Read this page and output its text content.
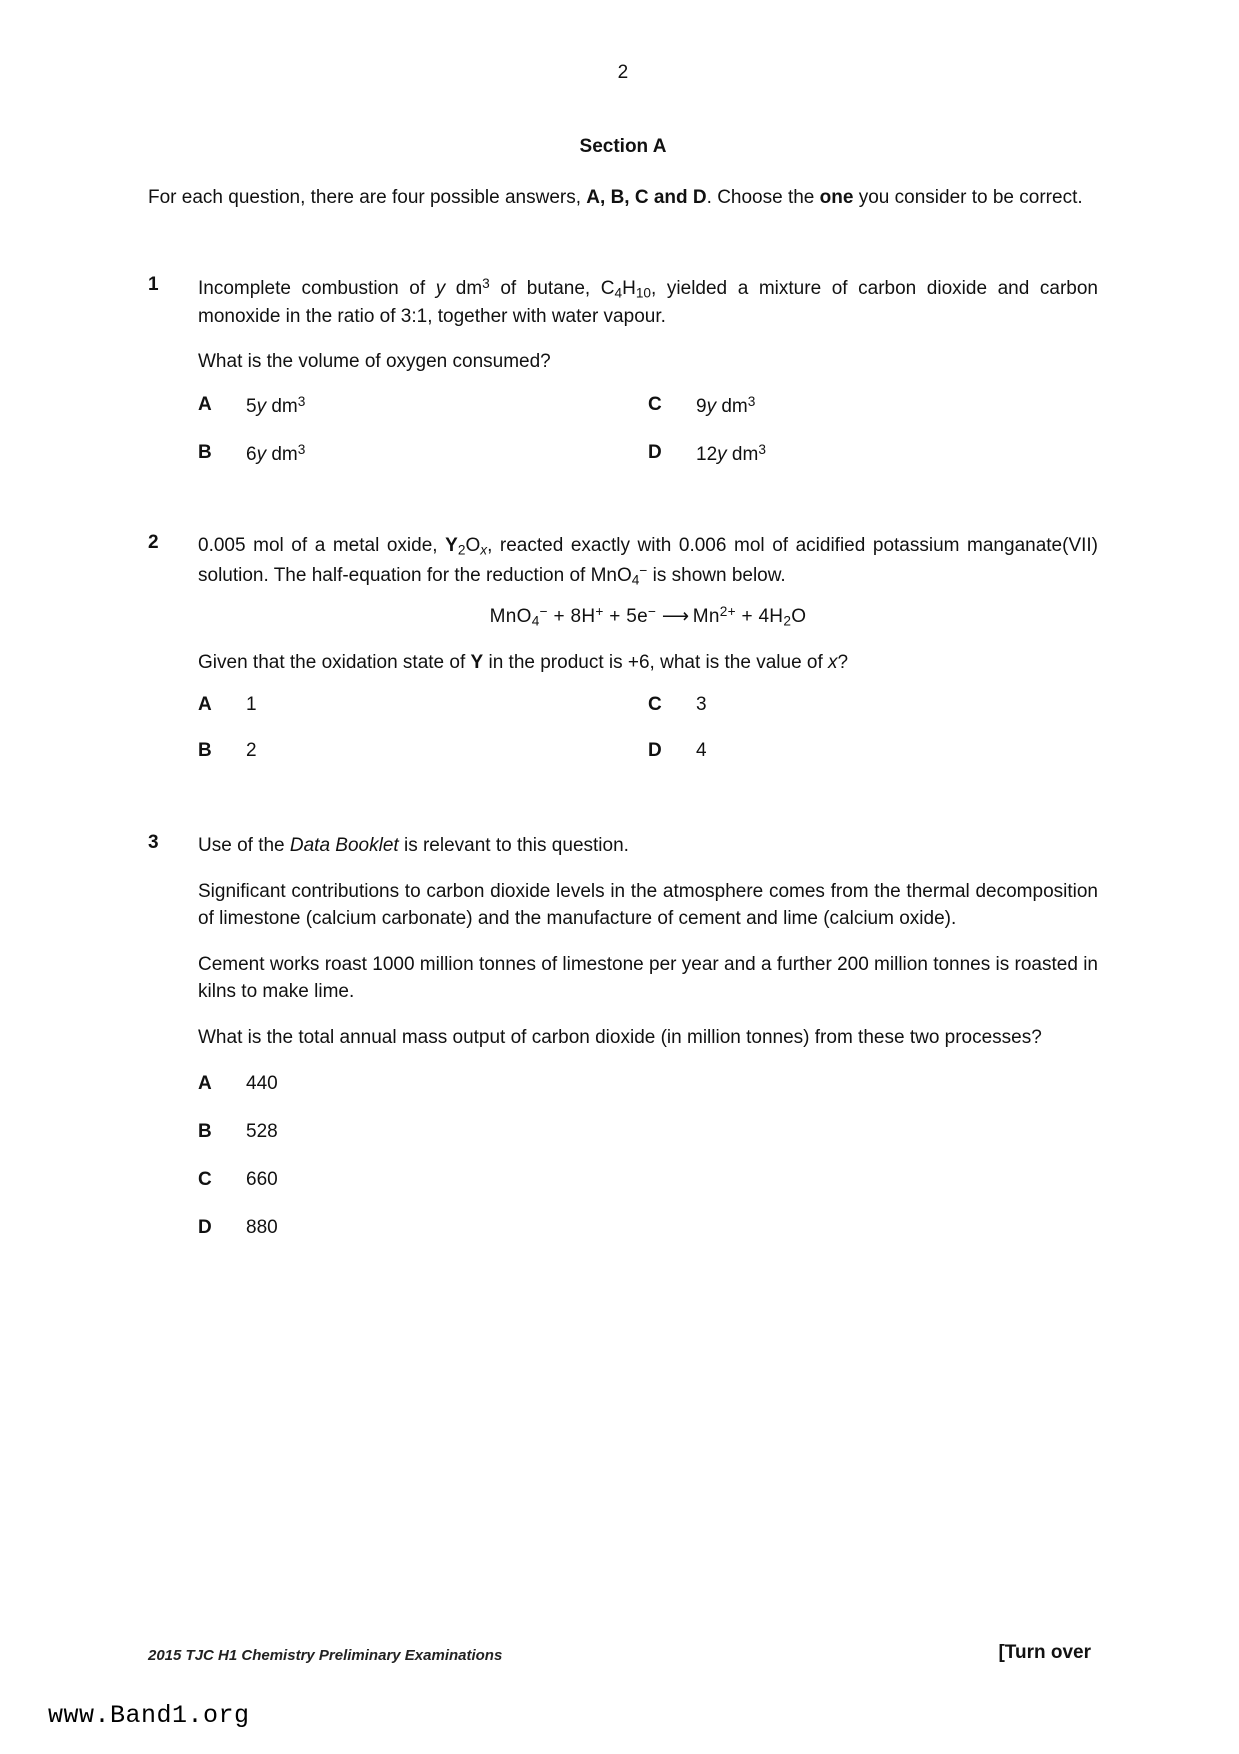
2
Section A
For each question, there are four possible answers, A, B, C and D. Choose the one you consider to be correct.
1	Incomplete combustion of y $dm^3$ of butane, $C_4H_{10}$, yielded a mixture of carbon dioxide and carbon monoxide in the ratio of 3:1, together with water vapour.
What is the volume of oxygen consumed?
A	5y $dm^3$	C	9y $dm^3$
B	6y $dm^3$	D	12y $dm^3$
2	0.005 mol of a metal oxide, $Y_2O_x$, reacted exactly with 0.006 mol of acidified potassium manganate(VII) solution. The half-equation for the reduction of MnO$_4$− is shown below.
MnO$_4$− + 8H+ + 5e− ⟶ $Mn^{2+} + 4H_2O$
Given that the oxidation state of Y in the product is +6, what is the value of x?
A	1	C	3
B	2	D	4
3	Use of the Data Booklet is relevant to this question.
Significant contributions to carbon dioxide levels in the atmosphere comes from the thermal decomposition of limestone (calcium carbonate) and the manufacture of cement and lime (calcium oxide).
Cement works roast 1000 million tonnes of limestone per year and a further 200 million tonnes is roasted in kilns to make lime.
What is the total annual mass output of carbon dioxide (in million tonnes) from these two processes?
A	440
B	528
C	660
D	880
2015 TJC H1 Chemistry Preliminary Examinations	[Turn over
www.Band1.org
